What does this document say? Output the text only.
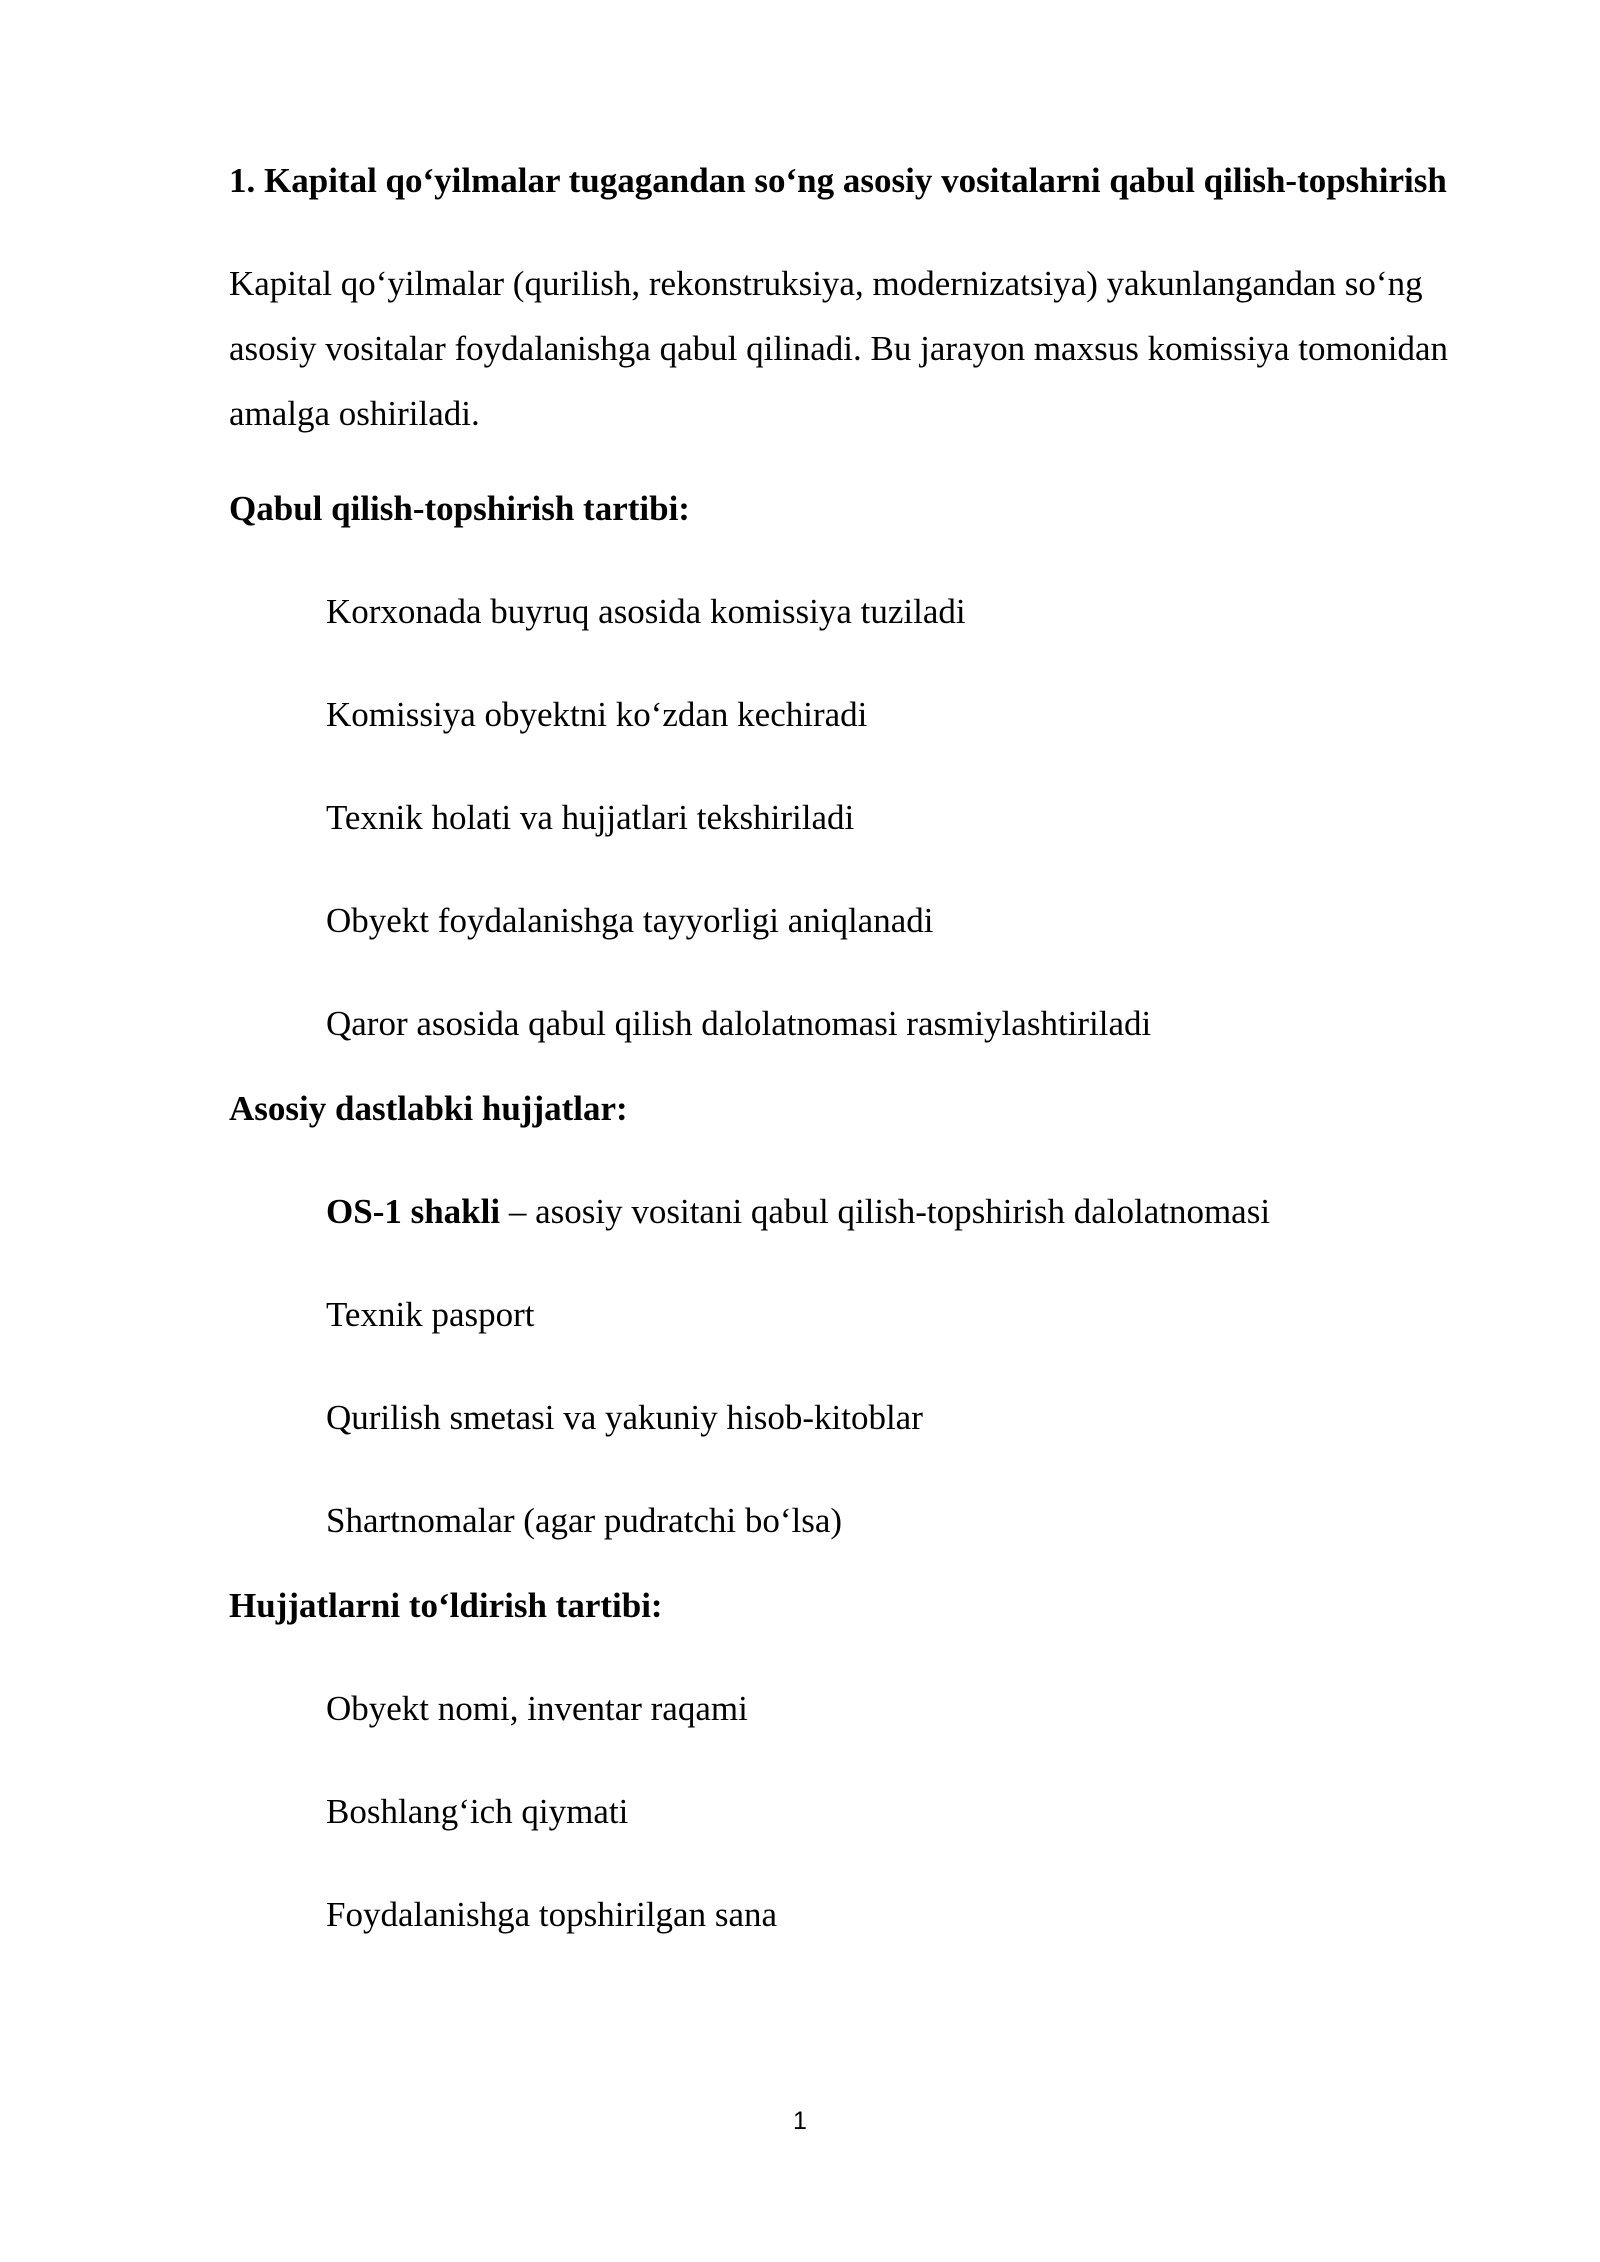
1. Kapital qo‘yilmalar tugagandan so‘ng asosiy vositalarni qabul qilish-topshirish

Kapital qo‘yilmalar (qurilish, rekonstruksiya, modernizatsiya) yakunlangandan so‘ng asosiy vositalar foydalanishga qabul qilinadi. Bu jarayon maxsus komissiya tomonidan amalga oshiriladi.

Qabul qilish-topshirish tartibi:
Korxonada buyruq asosida komissiya tuziladi
Komissiya obyektni ko‘zdan kechiradi
Texnik holati va hujjatlari tekshiriladi
Obyekt foydalanishga tayyorligi aniqlanadi
Qaror asosida qabul qilish dalolatnomasi rasmiylashtiriladi
Asosiy dastlabki hujjatlar:
OS-1 shakli – asosiy vositani qabul qilish-topshirish dalolatnomasi
Texnik pasport
Qurilish smetasi va yakuniy hisob-kitoblar
Shartnomalar (agar pudratchi bo‘lsa)
Hujjatlarni to‘ldirish tartibi:
Obyekt nomi, inventar raqami
Boshlang‘ich qiymati
Foydalanishga topshirilgan sana
1
